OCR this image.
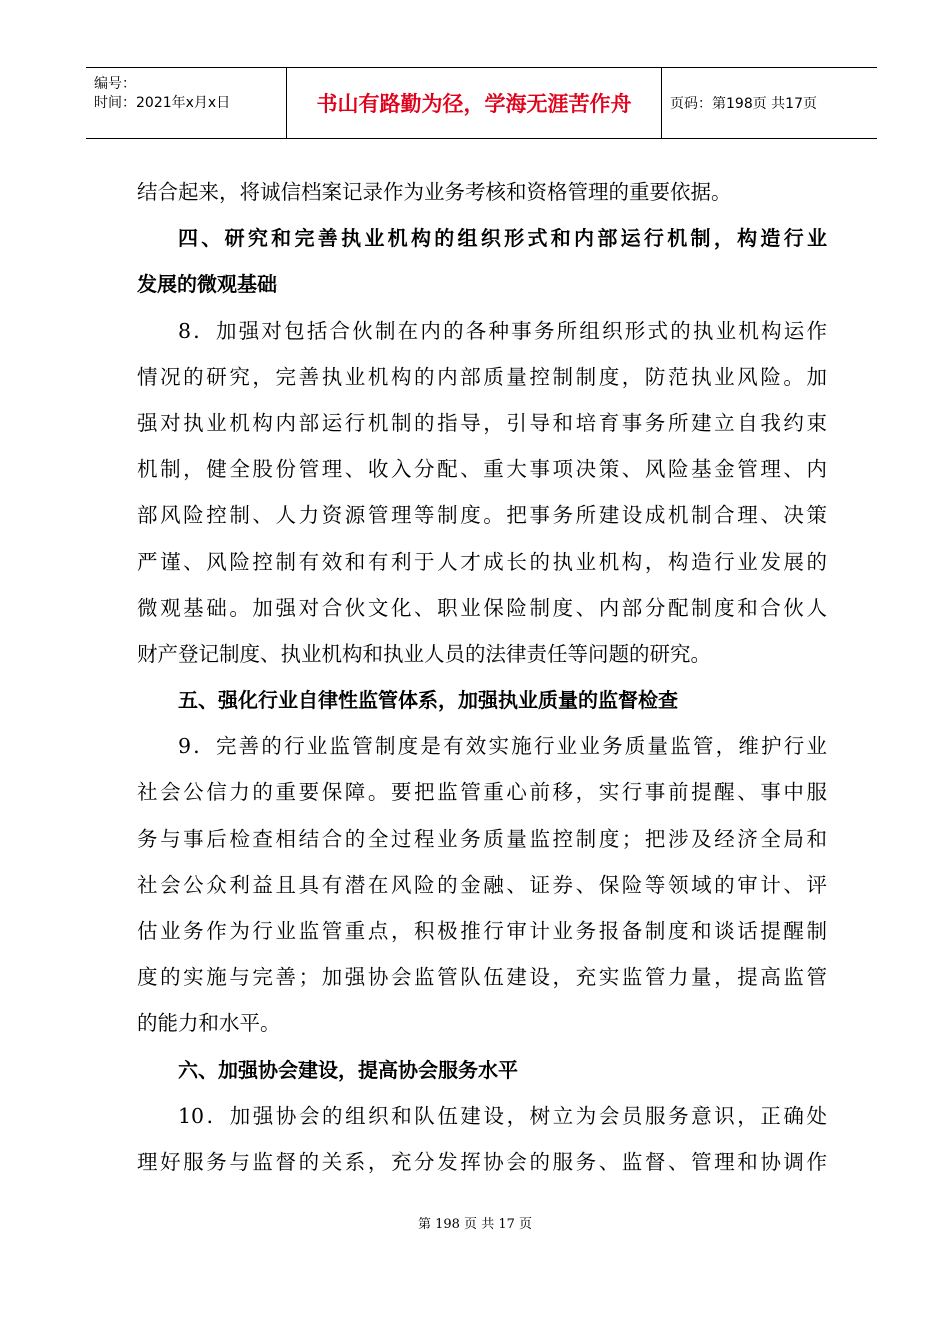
编号：
时间：2021年x月x日	书山有路勤为径，学海无涯苦作舟	页码：第198页 共17页
结合起来，将诚信档案记录作为业务考核和资格管理的重要依据。
四、研究和完善执业机构的组织形式和内部运行机制，构造行业
发展的微观基础
8．加强对包括合伙制在内的各种事务所组织形式的执业机构运作
情况的研究，完善执业机构的内部质量控制制度，防范执业风险。加
强对执业机构内部运行机制的指导，引导和培育事务所建立自我约束
机制，健全股份管理、收入分配、重大事项决策、风险基金管理、内
部风险控制、人力资源管理等制度。把事务所建设成机制合理、决策
严谨、风险控制有效和有利于人才成长的执业机构，构造行业发展的
微观基础。加强对合伙文化、职业保险制度、内部分配制度和合伙人
财产登记制度、执业机构和执业人员的法律责任等问题的研究。
五、强化行业自律性监管体系，加强执业质量的监督检查
9．完善的行业监管制度是有效实施行业业务质量监管，维护行业
社会公信力的重要保障。要把监管重心前移，实行事前提醒、事中服
务与事后检查相结合的全过程业务质量监控制度；把涉及经济全局和
社会公众利益且具有潜在风险的金融、证券、保险等领域的审计、评
估业务作为行业监管重点，积极推行审计业务报备制度和谈话提醒制
度的实施与完善；加强协会监管队伍建设，充实监管力量，提高监管
的能力和水平。
六、加强协会建设，提高协会服务水平
10．加强协会的组织和队伍建设，树立为会员服务意识，正确处
理好服务与监督的关系，充分发挥协会的服务、监督、管理和协调作
第 198 页 共 17 页
